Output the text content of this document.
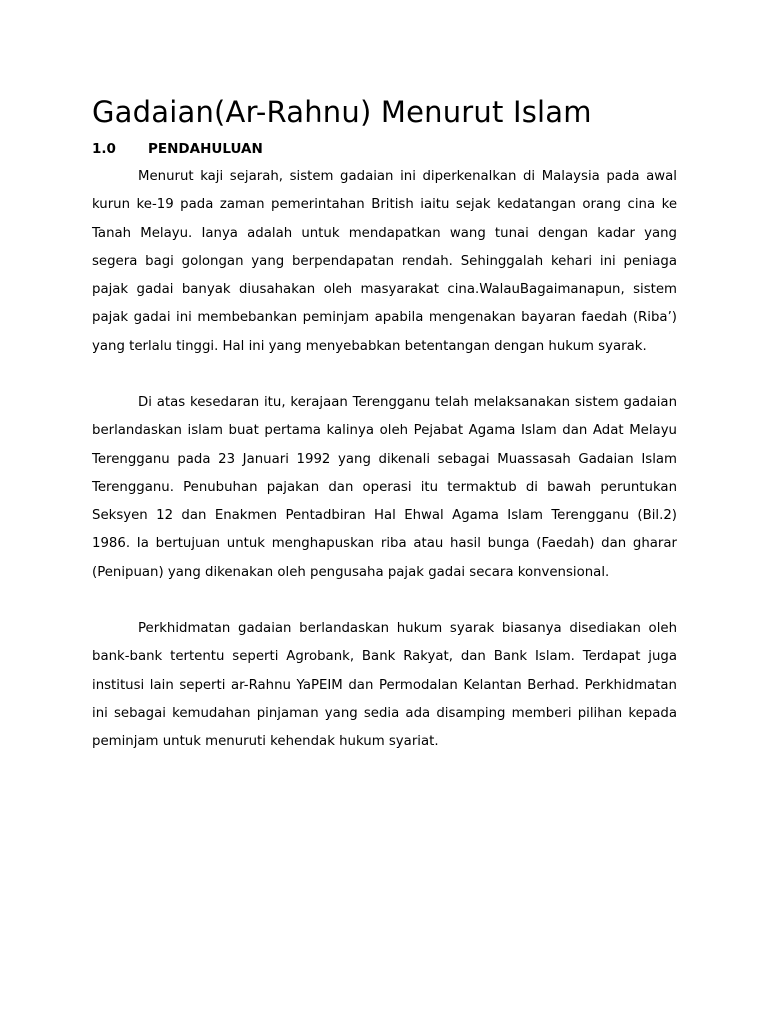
Gadaian(Ar-Rahnu) Menurut Islam
1.0 PENDAHULUAN

Menurut kaji sejarah, sistem gadaian ini diperkenalkan di Malaysia pada awal kurun ke-19 pada zaman pemerintahan British iaitu sejak kedatangan orang cina ke Tanah Melayu. Ianya adalah untuk mendapatkan wang tunai dengan kadar yang segera bagi golongan yang berpendapatan rendah. Sehinggalah kehari ini peniaga pajak gadai banyak diusahakan oleh masyarakat cina.WalauBagaimanapun, sistem pajak gadai ini membebankan peminjam apabila mengenakan bayaran faedah (Riba’) yang terlalu tinggi. Hal ini yang menyebabkan betentangan dengan hukum syarak.

Di atas kesedaran itu, kerajaan Terengganu telah melaksanakan sistem gadaian berlandaskan islam buat pertama kalinya oleh Pejabat Agama Islam dan Adat Melayu Terengganu pada 23 Januari 1992 yang dikenali sebagai Muassasah Gadaian Islam Terengganu. Penubuhan pajakan dan operasi itu termaktub di bawah peruntukan Seksyen 12 dan Enakmen Pentadbiran Hal Ehwal Agama Islam Terengganu (Bil.2) 1986. Ia bertujuan untuk menghapuskan riba atau hasil bunga (Faedah) dan gharar (Penipuan) yang dikenakan oleh pengusaha pajak gadai secara konvensional.

Perkhidmatan gadaian berlandaskan hukum syarak biasanya disediakan oleh bank-bank tertentu seperti Agrobank, Bank Rakyat, dan Bank Islam. Terdapat juga institusi lain seperti ar-Rahnu YaPEIM dan Permodalan Kelantan Berhad. Perkhidmatan ini sebagai kemudahan pinjaman yang sedia ada disamping memberi pilihan kepada peminjam untuk menuruti kehendak hukum syariat.
